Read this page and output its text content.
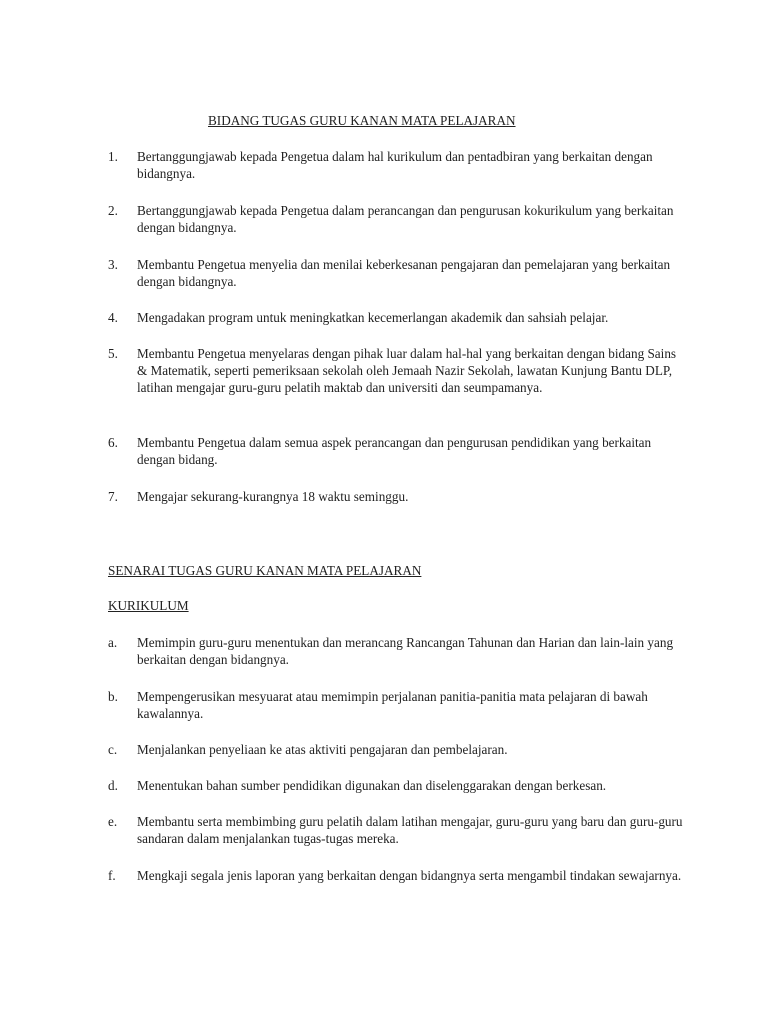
BIDANG TUGAS GURU KANAN MATA PELAJARAN
1.	Bertanggungjawab kepada Pengetua dalam hal kurikulum dan pentadbiran yang berkaitan dengan bidangnya.
2.	Bertanggungjawab kepada Pengetua dalam perancangan dan pengurusan kokurikulum yang berkaitan dengan bidangnya.
3.	Membantu Pengetua menyelia dan menilai keberkesanan pengajaran dan pemelajaran yang berkaitan dengan bidangnya.
4.	Mengadakan program untuk meningkatkan kecemerlangan akademik dan sahsiah pelajar.
5.	Membantu Pengetua menyelaras dengan pihak luar dalam hal-hal yang berkaitan dengan bidang Sains & Matematik, seperti pemeriksaan sekolah oleh Jemaah Nazir Sekolah, lawatan Kunjung Bantu DLP, latihan mengajar guru-guru pelatih maktab dan universiti dan seumpamanya.
6.	Membantu Pengetua dalam semua aspek perancangan dan pengurusan pendidikan yang berkaitan dengan bidang.
7.	Mengajar sekurang-kurangnya 18 waktu seminggu.
SENARAI TUGAS GURU KANAN MATA PELAJARAN
KURIKULUM
a.	Memimpin guru-guru menentukan dan merancang Rancangan Tahunan dan Harian dan lain-lain yang berkaitan dengan bidangnya.
b.	Mempengerusikan mesyuarat atau memimpin perjalanan panitia-panitia mata pelajaran di bawah kawalannya.
c.	Menjalankan penyeliaan ke atas aktiviti pengajaran dan pembelajaran.
d.	Menentukan bahan sumber pendidikan digunakan dan diselenggarakan dengan berkesan.
e.	Membantu serta membimbing guru pelatih dalam latihan mengajar, guru-guru yang baru dan guru-guru sandaran dalam menjalankan tugas-tugas mereka.
f.	Mengkaji segala jenis laporan yang berkaitan dengan bidangnya serta mengambil tindakan sewajarnya.
